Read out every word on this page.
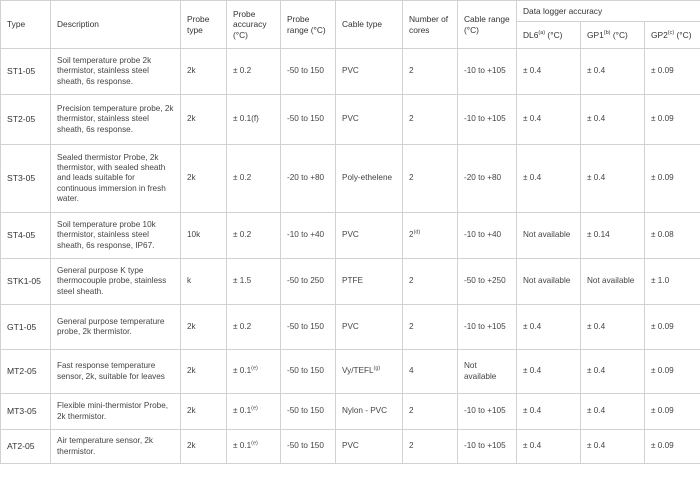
Type	Description	Probe type	Probe accuracy (°C)	Probe range (°C)	Cable type	Number of cores	Cable range (°C)	Data logger accuracy		
								DL6$^{(a)}$ (°C)	GP1$^{(b)}$ (°C)	GP2$^{(c)}$ (°C)
ST1-05	Soil temperature probe 2k thermistor, stainless steel sheath, 6s response.	2k	± 0.2	-50 to 150	PVC	2	-10 to +105	± 0.4	± 0.4	± 0.09
ST2-05	Precision temperature probe, 2k thermistor, stainless steel sheath, 6s response.	2k	± 0.1(f)	-50 to 150	PVC	2	-10 to +105	± 0.4	± 0.4	± 0.09
ST3-05	Sealed thermistor Probe, 2k thermistor, with sealed sheath and leads suitable for continuous immersion in fresh water.	2k	± 0.2	-20 to +80	Poly-ethelene	2	-20 to +80	± 0.4	± 0.4	± 0.09
ST4-05	Soil temperature probe 10k thermistor, stainless steel sheath, 6s response, IP67.	10k	± 0.2	-10 to +40	PVC	2$^{(d)}$	-10 to +40	Not available	± 0.14	± 0.08
STK1-05	General purpose K type thermocouple probe, stainless steel sheath.	k	± 1.5	-50 to 250	PTFE	2	-50 to +250	Not available	Not available	± 1.0
GT1-05	General purpose temperature probe, 2k thermistor.	2k	± 0.2	-50 to 150	PVC	2	-10 to +105	± 0.4	± 0.4	± 0.09
MT2-05	Fast response temperature sensor, 2k, suitable for leaves	2k	± $0.1^{(e)}$	-50 to 150	Vy/TEFL$^{(g)}$	4	Not available	± 0.4	± 0.4	± 0.09
MT3-05	Flexible mini-thermistor Probe, 2k thermistor.	2k	± $0.1^{(e)}$	-50 to 150	Nylon - PVC	2	-10 to +105	± 0.4	± 0.4	± 0.09
AT2-05	Air temperature sensor, 2k thermistor.	2k	± $0.1^{(e)}$	-50 to 150	PVC	2	-10 to +105	± 0.4	± 0.4	± 0.09
